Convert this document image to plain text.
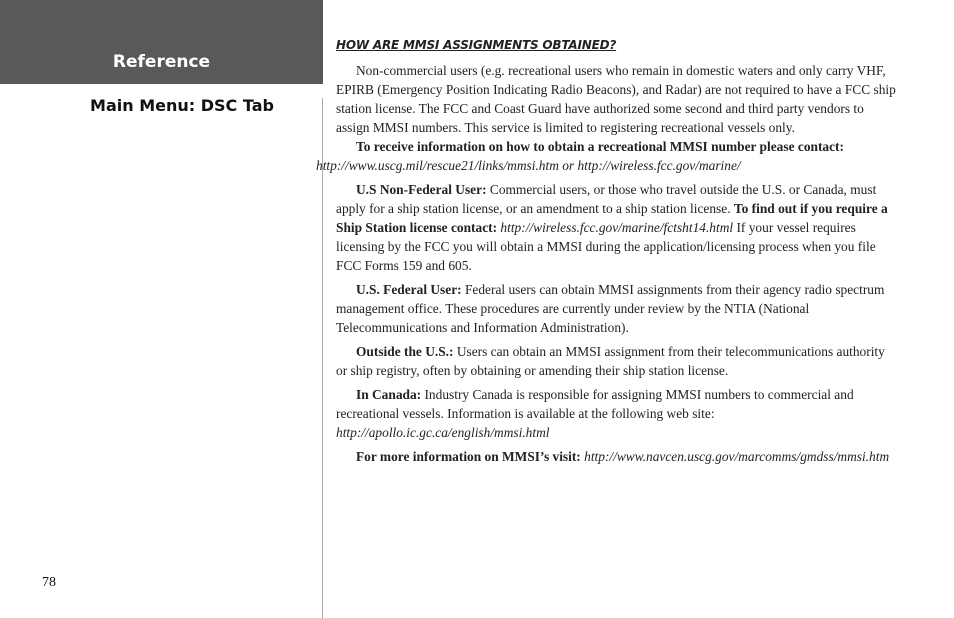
Reference
Main Menu: DSC Tab
78
HOW ARE MMSI ASSIGNMENTS OBTAINED?

Non-commercial users (e.g. recreational users who remain in domestic waters and only carry VHF, EPIRB (Emergency Position Indicating Radio Beacons), and Radar) are not required to have a FCC ship station license. The FCC and Coast Guard have authorized some second and third party vendors to assign MMSI numbers. This service is limited to registering recreational vessels only.

To receive information on how to obtain a recreational MMSI number please contact:
http://www.uscg.mil/rescue21/links/mmsi.htm or http://wireless.fcc.gov/marine/

U.S Non-Federal User: Commercial users, or those who travel outside the U.S. or Canada, must apply for a ship station license, or an amendment to a ship station license. To find out if you require a Ship Station license contact: http://wireless.fcc.gov/marine/fctsht14.html If your vessel requires licensing by the FCC you will obtain a MMSI during the application/licensing process when you file FCC Forms 159 and 605.

U.S. Federal User: Federal users can obtain MMSI assignments from their agency radio spectrum management office. These procedures are currently under review by the NTIA (National Telecommunications and Information Administration).

Outside the U.S.: Users can obtain an MMSI assignment from their telecommunications authority or ship registry, often by obtaining or amending their ship station license.

In Canada: Industry Canada is responsible for assigning MMSI numbers to commercial and recreational vessels. Information is available at the following web site: http://apollo.ic.gc.ca/english/mmsi.html

For more information on MMSI’s visit: http://www.navcen.uscg.gov/marcomms/gmdss/mmsi.htm
